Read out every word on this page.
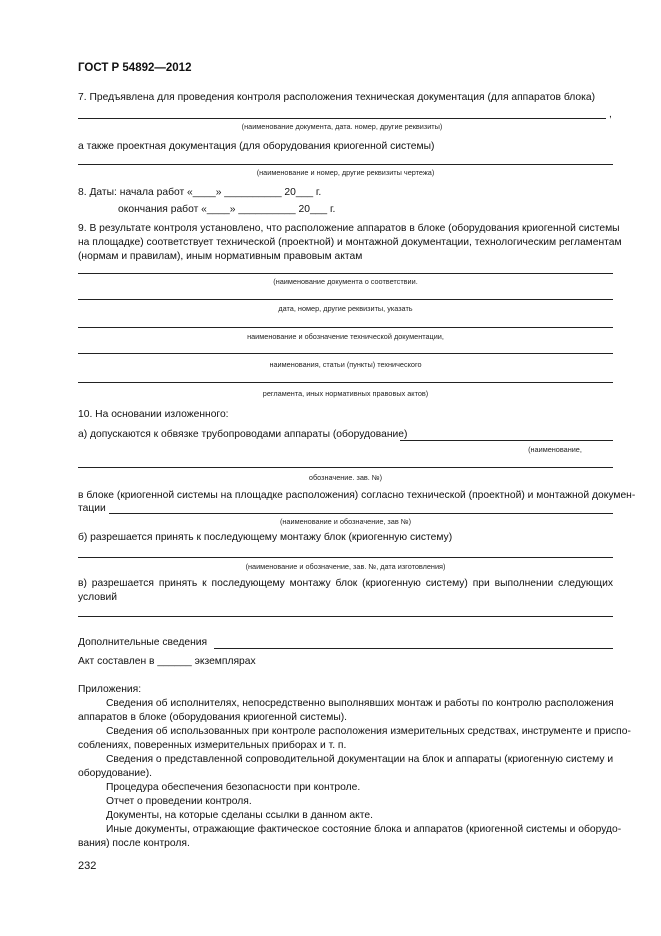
ГОСТ Р 54892—2012
7. Предъявлена для проведения контроля расположения техническая документация (для аппаратов блока)
,
(наименование документа, дата. номер, другие реквизиты)
а также проектная документация (для оборудования криогенной системы)
(наименование и номер, другие реквизиты чертежа)
8. Даты: начала работ «____» __________ 20___ г.
окончания работ «____» __________ 20___ г.
9. В результате контроля установлено, что расположение аппаратов в блоке (оборудования криогенной системы
на площадке) соответствует технической (проектной) и монтажной документации, технологическим регламентам
(нормам и правилам), иным нормативным правовым актам
(наименование документа о соответствии.
дата, номер, другие реквизиты, указать
наименование и обозначение технической документации,
наименования, статьи (пункты) технического
регламента, иных нормативных правовых актов)
10. На основании изложенного:
а) допускаются к обвязке трубопроводами аппараты (оборудование)
(наименование,
обозначение. зав. №)
в блоке (криогенной системы на площадке расположения) согласно технической (проектной) и монтажной докумен-
тации
(наименование и обозначение, зав №)
б) разрешается принять к последующему монтажу блок (криогенную систему)
(наименование и обозначение, зав. №, дата изготовления)
в) разрешается принять к последующему монтажу блок (криогенную систему) при выполнении следующих
условий
Дополнительные сведения
Акт составлен в ______ экземплярах
Приложения:
Сведения об исполнителях, непосредственно выполнявших монтаж и работы по контролю расположения
аппаратов в блоке (оборудования криогенной системы).
Сведения об использованных при контроле расположения измерительных средствах, инструменте и приспо-
соблениях, поверенных измерительных приборах и т. п.
Сведения о представленной сопроводительной документации на блок и аппараты (криогенную систему и
оборудование).
Процедура обеспечения безопасности при контроле.
Отчет о проведении контроля.
Документы, на которые сделаны ссылки в данном акте.
Иные документы, отражающие фактическое состояние блока и аппаратов (криогенной системы и оборудо-
вания) после контроля.
232
